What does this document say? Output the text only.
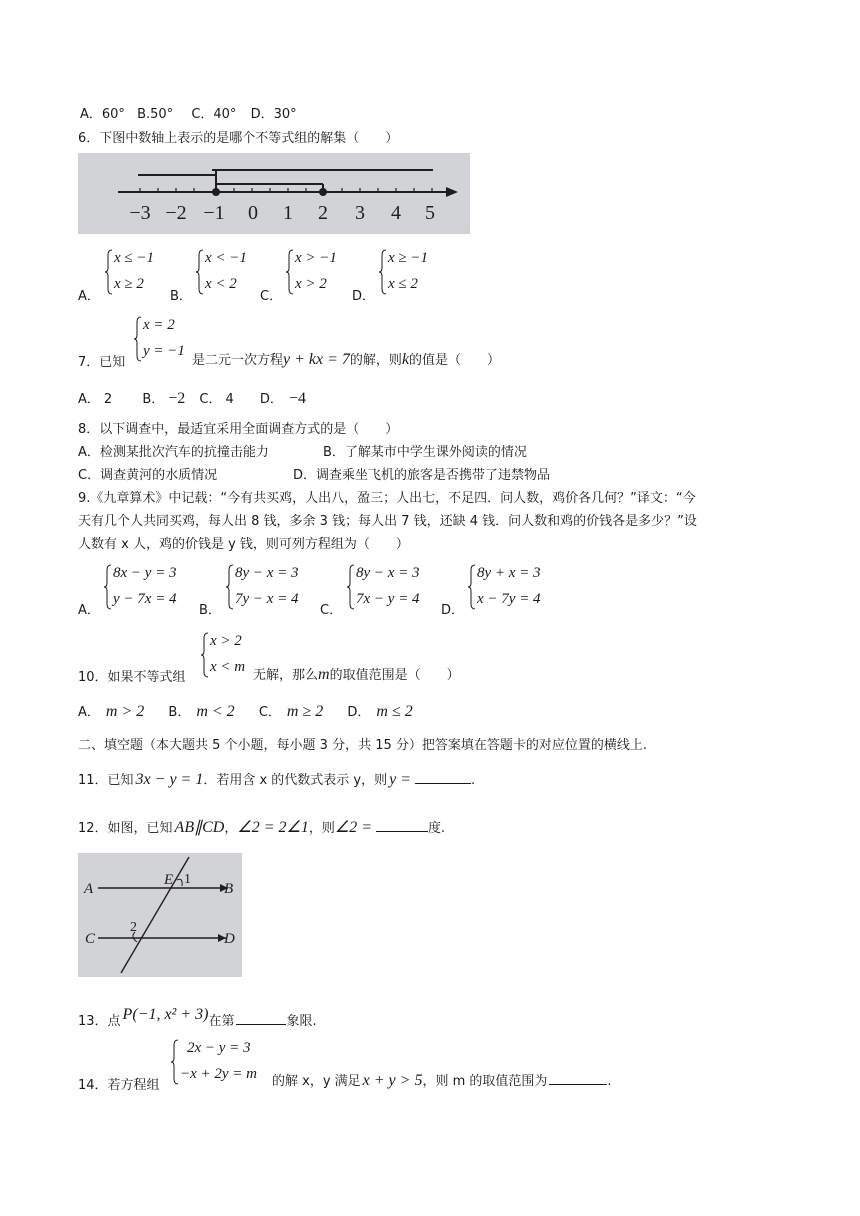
A．60° B.50° C．40° D．30°
6．下图中数轴上表示的是哪个不等式组的解集（　　）
−3 −2 −1 0 1 2 3 4 5
A．
x ≤ −1
x ≥ 2
B．
x < −1
x < 2
C．
x > −1
x > 2
D．
x ≥ −1
x ≤ 2
7．已知
x = 2
y = −1
是二元一次方程y + kx = 7的解，则k的值是（　　）
A． 2 B． −2 C． 4 D． −4
8．以下调查中，最适宜采用全面调查方式的是（　　）
A．检测某批次汽车的抗撞击能力	B．了解某市中学生课外阅读的情况
C．调查黄河的水质情况	D．调查乘坐飞机的旅客是否携带了违禁物品
9.《九章算术》中记载：“今有共买鸡，人出八，盈三；人出七，不足四．问人数，鸡价各几何？”译文：“今
天有几个人共同买鸡，每人出 8 钱，多余 3 钱；每人出 7 钱，还缺 4 钱．问人数和鸡的价钱各是多少？”设
人数有 x 人，鸡的价钱是 y 钱，则可列方程组为（　　）
A．
8x − y = 3
y − 7x = 4
B．
8y − x = 3
7y − x = 4
C．
8y − x = 3
7x − y = 4
D．
8y + x = 3
x − 7y = 4
10．如果不等式组
x > 2
x < m
无解，那么m的取值范围是（　　）
A． m > 2 B． m < 2 C． m ≥ 2 D． m ≤ 2
二、填空题（本大题共 5 个小题，每小题 3 分，共 15 分）把答案填在答题卡的对应位置的横线上.
11．已知 3x − y = 1．若用含 x 的代数式表示 y，则 y =	.
12．如图，已知 AB∥CD，∠2 = 2∠1，则∠2 =	度.
A	B
C	D
E 1
2
13．点 P(−1, x² + 3)在第	象限.
14．若方程组
2x − y = 3
−x + 2y = m 的解 x，y 满足 x + y > 5，则 m 的取值范围为	.
